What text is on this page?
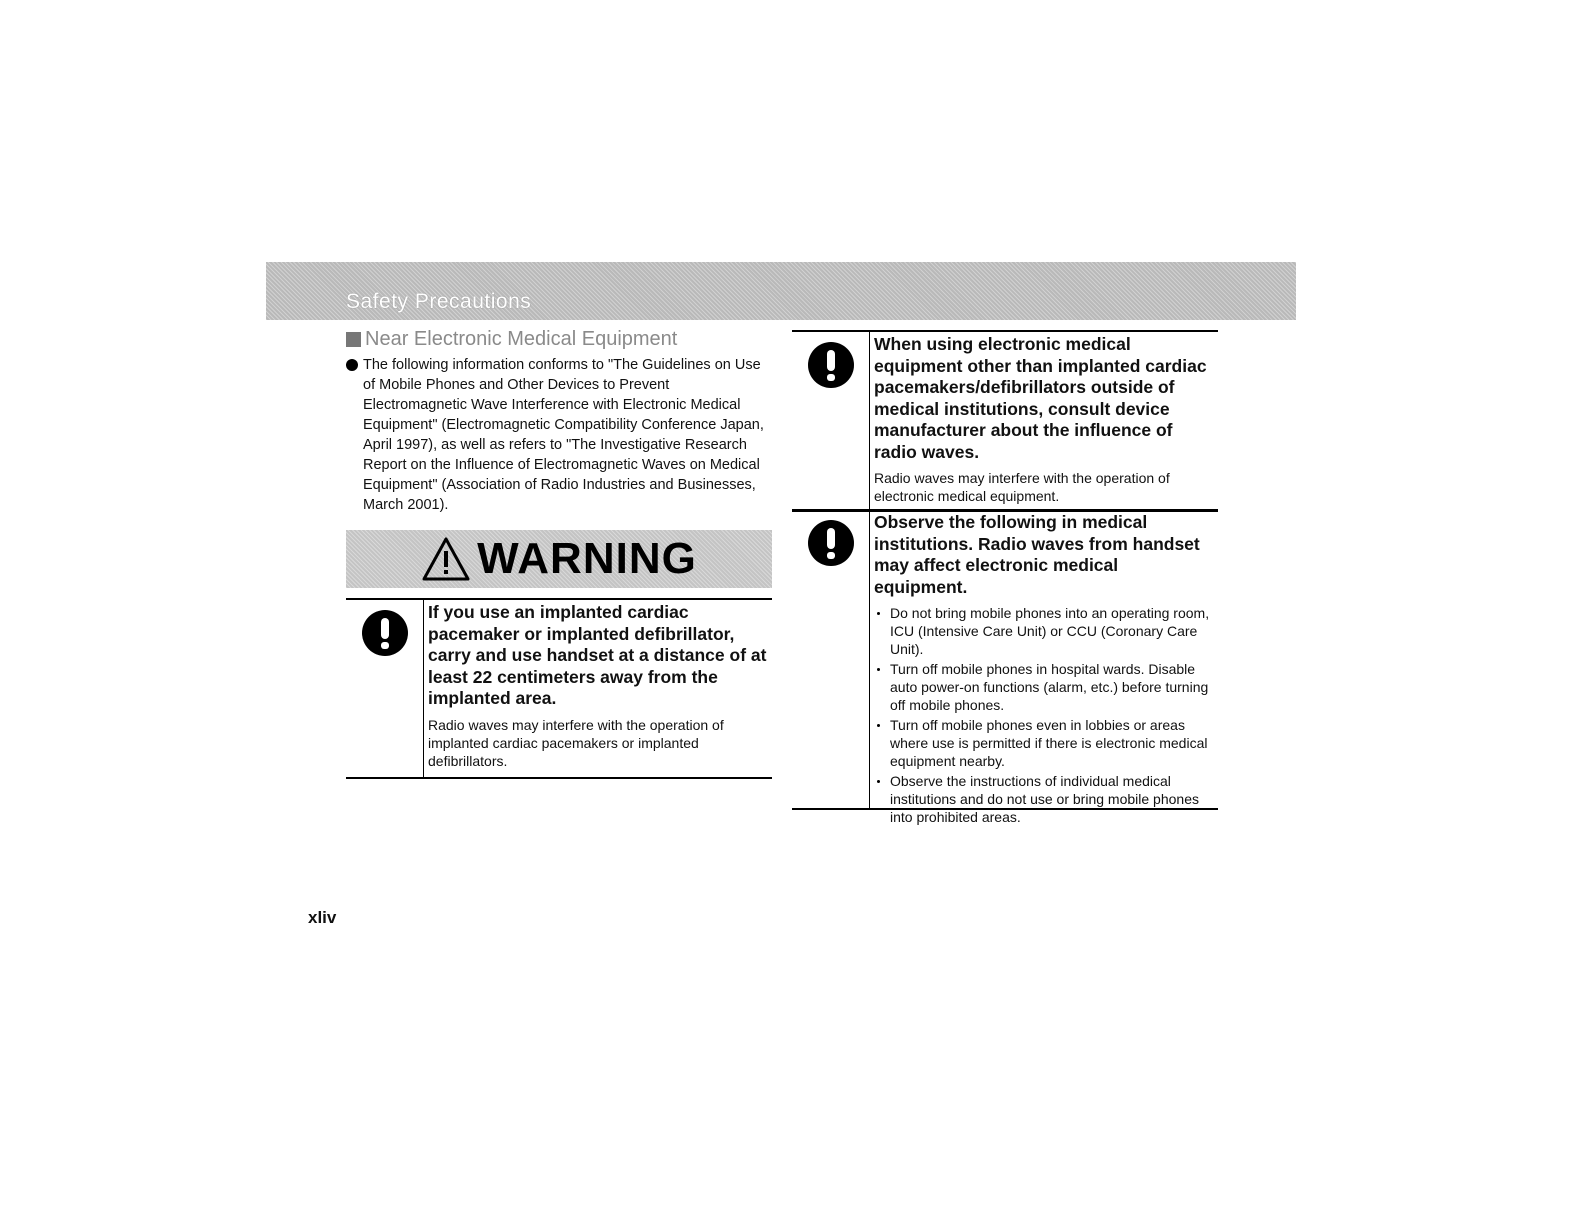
Safety Precautions
Near Electronic Medical Equipment
The following information conforms to "The Guidelines on Use of Mobile Phones and Other Devices to Prevent Electromagnetic Wave Interference with Electronic Medical Equipment" (Electromagnetic Compatibility Conference Japan, April 1997), as well as refers to "The Investigative Research Report on the Influence of Electromagnetic Waves on Medical Equipment" (Association of Radio Industries and Businesses, March 2001).
WARNING

If you use an implanted cardiac pacemaker or implanted defibrillator, carry and use handset at a distance of at least 22 centimeters away from the implanted area.

Radio waves may interfere with the operation of implanted cardiac pacemakers or implanted defibrillators.

When using electronic medical equipment other than implanted cardiac pacemakers/defibrillators outside of medical institutions, consult device manufacturer about the influence of radio waves.

Radio waves may interfere with the operation of electronic medical equipment.

Observe the following in medical institutions. Radio waves from handset may affect electronic medical equipment.

Do not bring mobile phones into an operating room, ICU (Intensive Care Unit) or CCU (Coronary Care Unit).
Turn off mobile phones in hospital wards. Disable auto power-on functions (alarm, etc.) before turning off mobile phones.
Turn off mobile phones even in lobbies or areas where use is permitted if there is electronic medical equipment nearby.
Observe the instructions of individual medical institutions and do not use or bring mobile phones into prohibited areas.
xliv
